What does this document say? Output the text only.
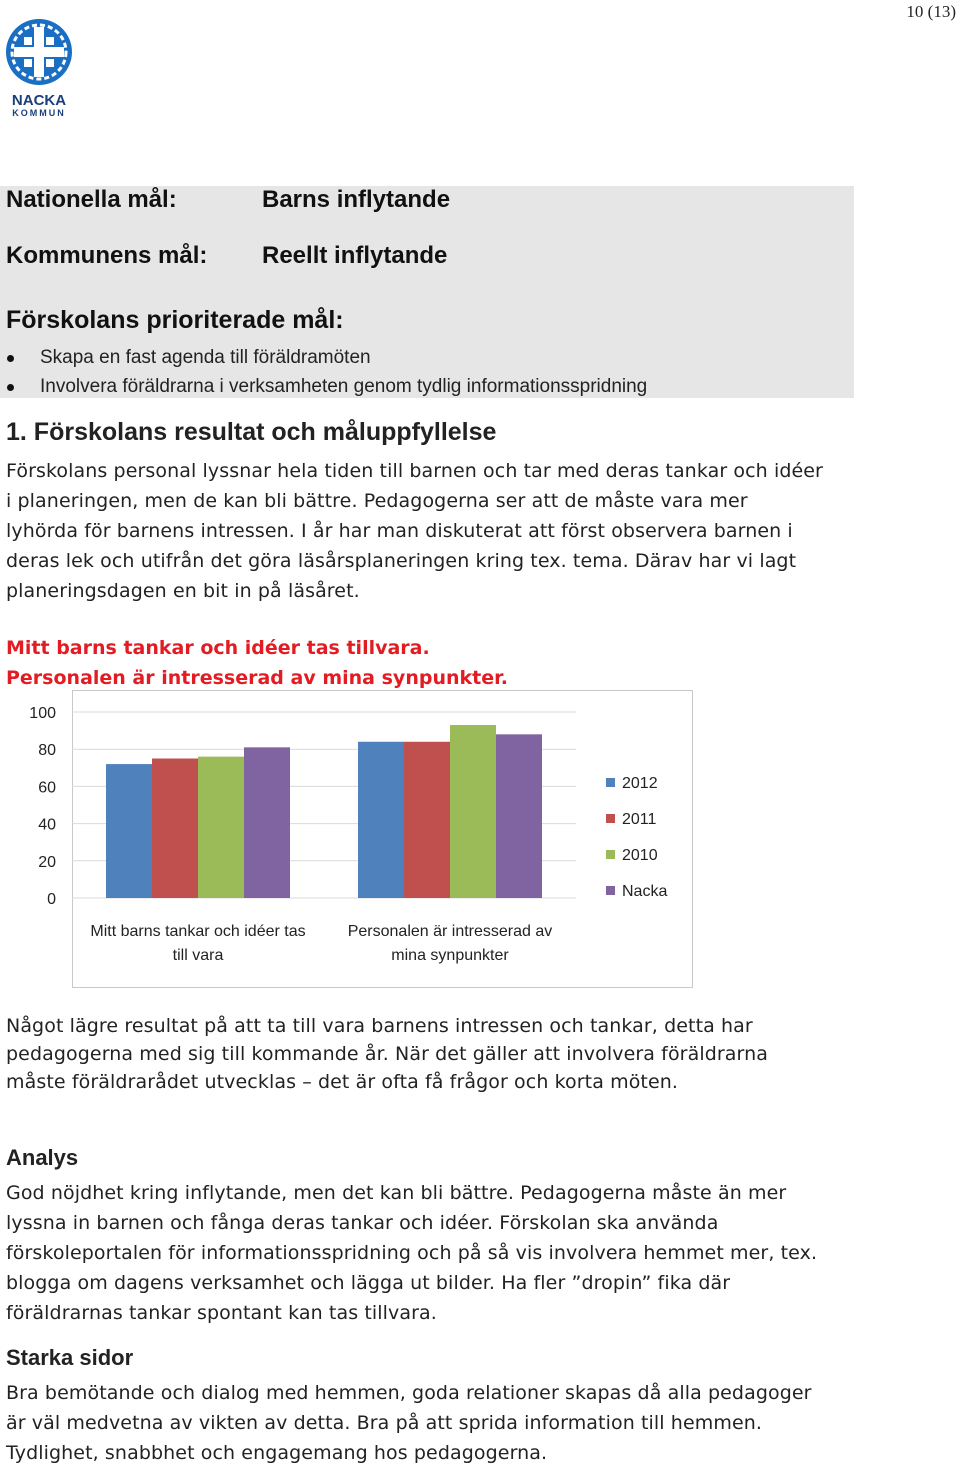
10 (13)
NACKA
KOMMUN
Nationella mål:	Barns inflytande
Kommunens mål: Reellt inflytande
Förskolans prioriterade mål:
Skapa en fast agenda till föräldramöten
Involvera föräldrarna i verksamheten genom tydlig informationsspridning
1. Förskolans resultat och måluppfyllelse
Förskolans personal lyssnar hela tiden till barnen och tar med deras tankar och idéer
i planeringen, men de kan bli bättre. Pedagogerna ser att de måste vara mer
lyhörda för barnens intressen. I år har man diskuterat att först observera barnen i
deras lek och utifrån det göra läsårsplaneringen kring tex. tema. Därav har vi lagt
planeringsdagen en bit in på läsåret.
Mitt barns tankar och idéer tas tillvara.
Personalen är intresserad av mina synpunkter.
0
20
40
60
80
100
Mitt barns tankar och idéer tas
till vara
Personalen är intresserad av
mina synpunkter
2012
2011
2010
Nacka
Något lägre resultat på att ta till vara barnens intressen och tankar, detta har
pedagogerna med sig till kommande år. När det gäller att involvera föräldrarna
måste föräldrarådet utvecklas – det är ofta få frågor och korta möten.
Analys
God nöjdhet kring inflytande, men det kan bli bättre. Pedagogerna måste än mer
lyssna in barnen och fånga deras tankar och idéer. Förskolan ska använda
förskoleportalen för informationsspridning och på så vis involvera hemmet mer, tex.
blogga om dagens verksamhet och lägga ut bilder. Ha fler ”dropin” fika där
föräldrarnas tankar spontant kan tas tillvara.
Starka sidor
Bra bemötande och dialog med hemmen, goda relationer skapas då alla pedagoger
är väl medvetna av vikten av detta. Bra på att sprida information till hemmen.
Tydlighet, snabbhet och engagemang hos pedagogerna.
